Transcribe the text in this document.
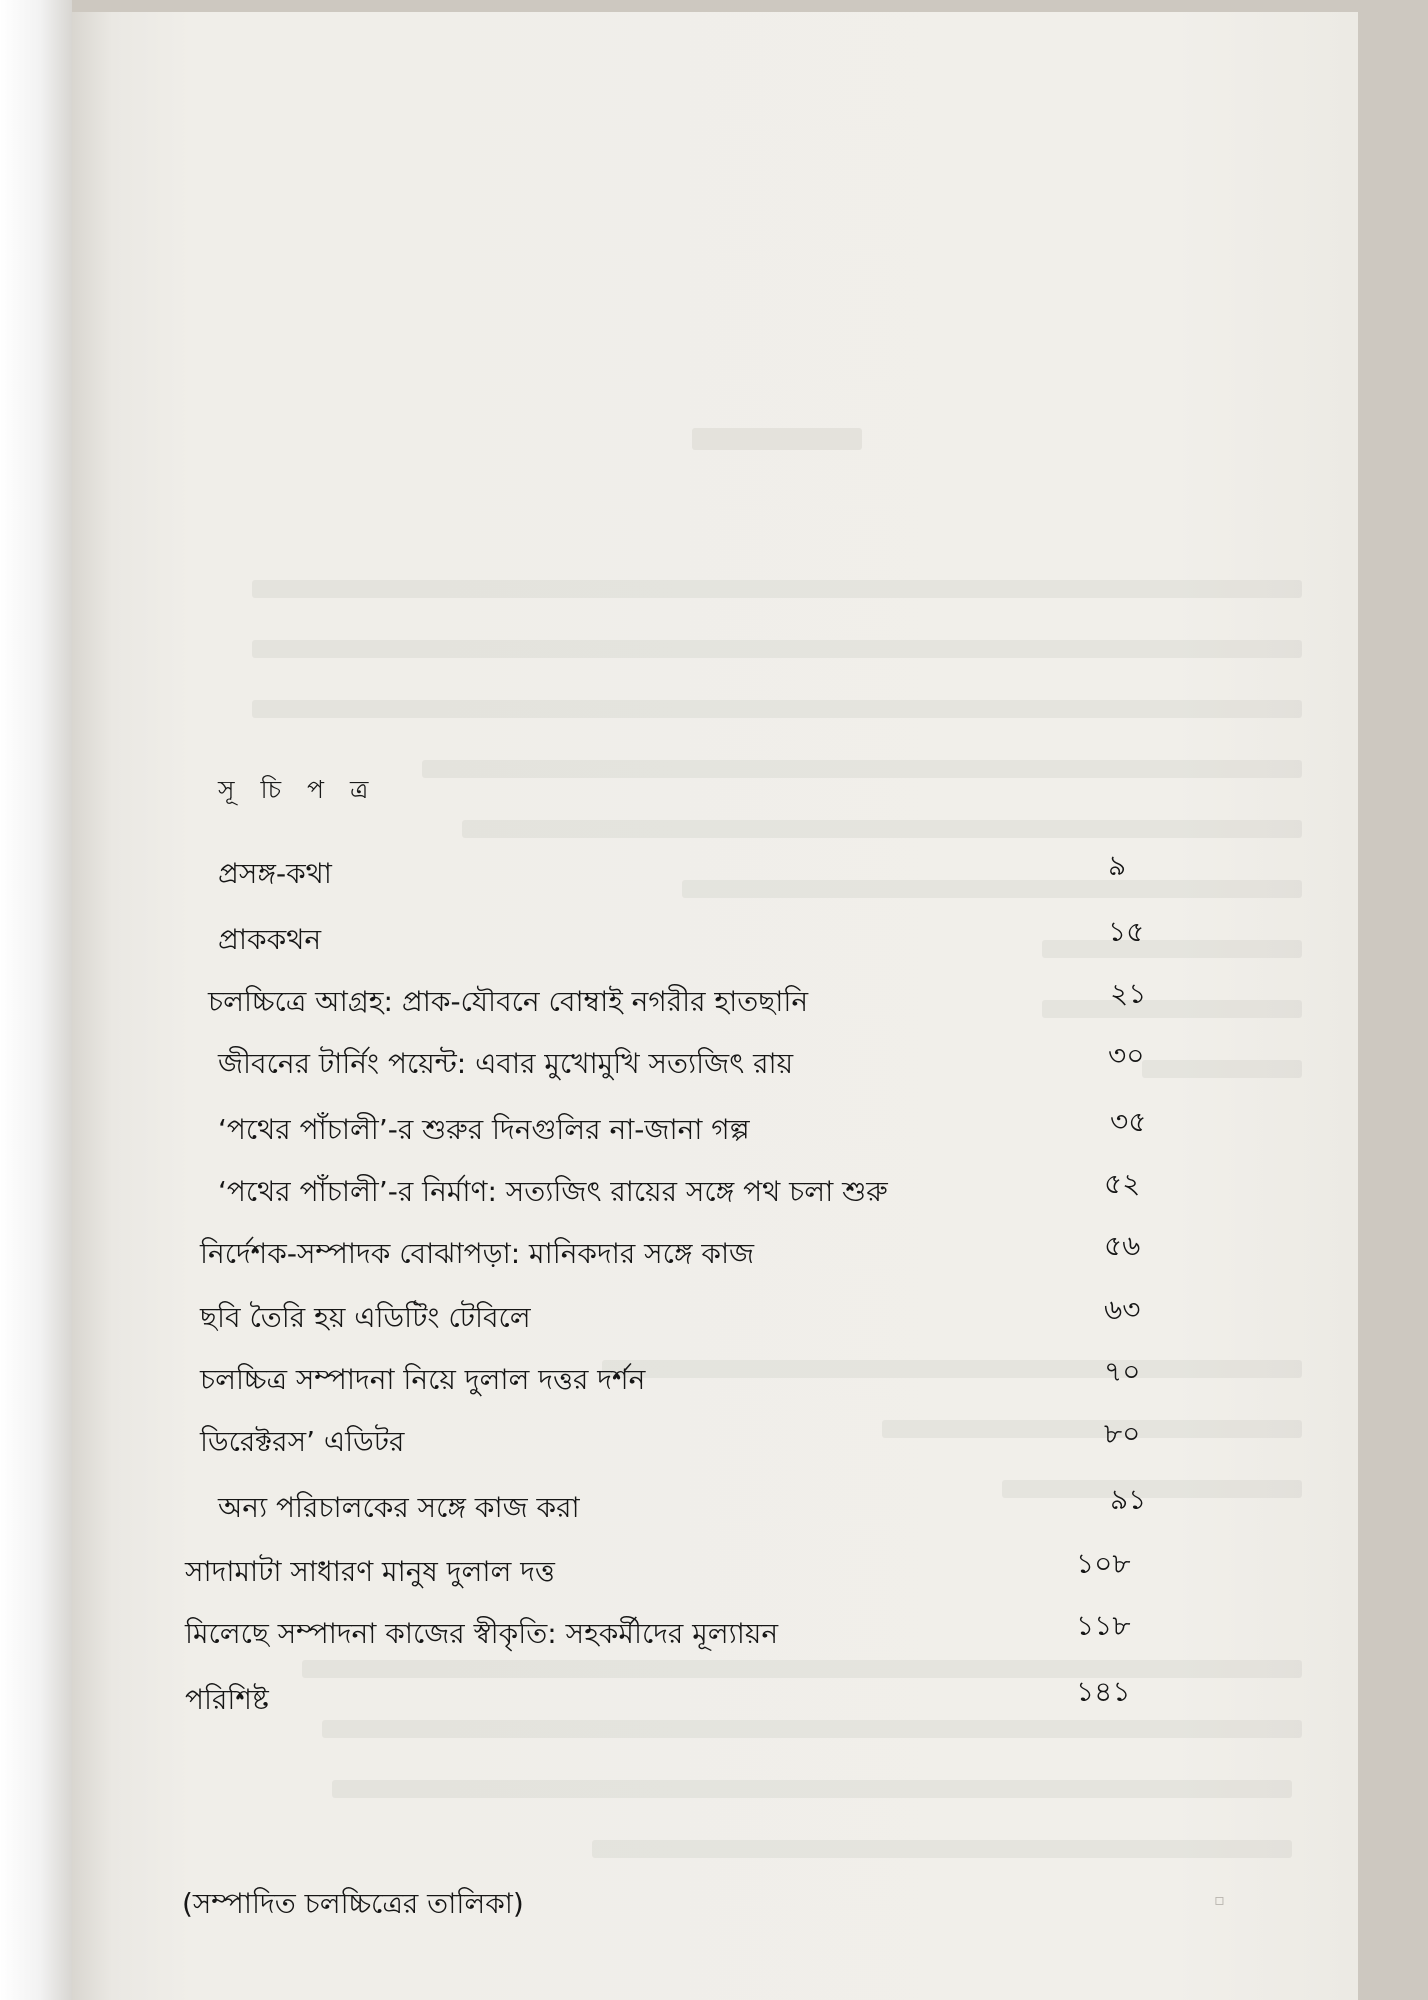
সূ চি প ত্র
প্রসঙ্গ-কথা	৯
প্রাককথন	১৫
চলচ্চিত্রে আগ্রহ: প্রাক-যৌবনে বোম্বাই নগরীর হাতছানি	২১
জীবনের টার্নিং পয়েন্ট: এবার মুখোমুখি সত্যজিৎ রায়	৩০
‘পথের পাঁচালী’-র শুরুর দিনগুলির না-জানা গল্প	৩৫
‘পথের পাঁচালী’-র নির্মাণ: সত্যজিৎ রায়ের সঙ্গে পথ চলা শুরু	৫২
নির্দেশক-সম্পাদক বোঝাপড়া: মানিকদার সঙ্গে কাজ	৫৬
ছবি তৈরি হয় এডিটিং টেবিলে	৬৩
চলচ্চিত্র সম্পাদনা নিয়ে দুলাল দত্তর দর্শন	৭০
ডিরেক্টরস’ এডিটর	৮০
অন্য পরিচালকের সঙ্গে কাজ করা	৯১
সাদামাটা সাধারণ মানুষ দুলাল দত্ত	১০৮
মিলেছে সম্পাদনা কাজের স্বীকৃতি: সহকর্মীদের মূল্যায়ন	১১৮
পরিশিষ্ট	১৪১
(সম্পাদিত চলচ্চিত্রের তালিকা)	▫
